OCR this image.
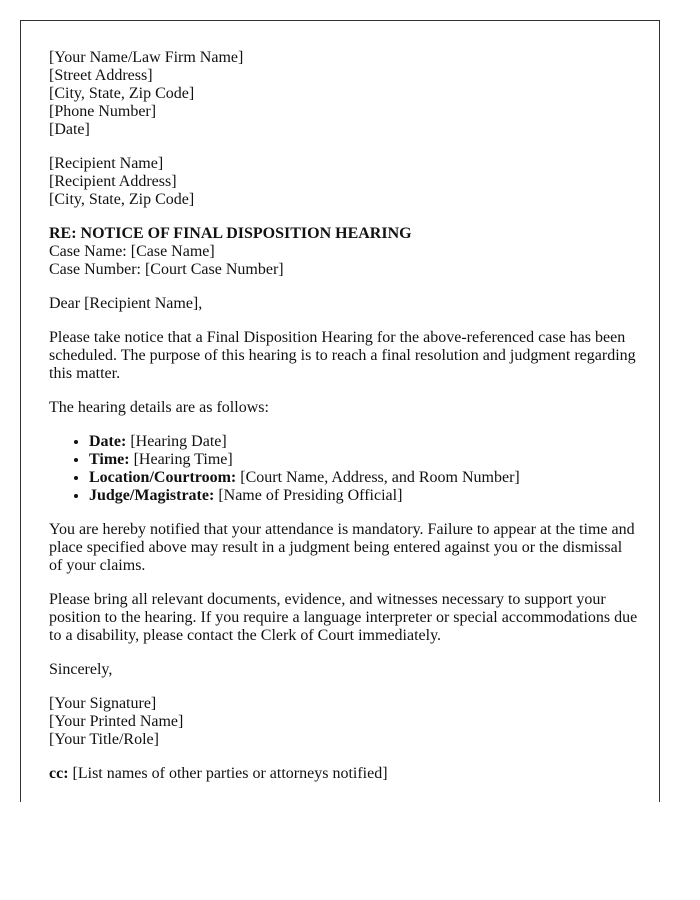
[Your Name/Law Firm Name]
[Street Address]
[City, State, Zip Code]
[Phone Number]
[Date]
[Recipient Name]
[Recipient Address]
[City, State, Zip Code]
RE: NOTICE OF FINAL DISPOSITION HEARING
Case Name: [Case Name]
Case Number: [Court Case Number]

Dear [Recipient Name],

Please take notice that a Final Disposition Hearing for the above-referenced case has been scheduled. The purpose of this hearing is to reach a final resolution and judgment regarding this matter.

The hearing details are as follows:

• Date: [Hearing Date]
• Time: [Hearing Time]
• Location/Courtroom: [Court Name, Address, and Room Number]
• Judge/Magistrate: [Name of Presiding Official]

You are hereby notified that your attendance is mandatory. Failure to appear at the time and place specified above may result in a judgment being entered against you or the dismissal of your claims.

Please bring all relevant documents, evidence, and witnesses necessary to support your position to the hearing. If you require a language interpreter or special accommodations due to a disability, please contact the Clerk of Court immediately.

Sincerely,

[Your Signature]
[Your Printed Name]
[Your Title/Role]

cc: [List names of other parties or attorneys notified]
